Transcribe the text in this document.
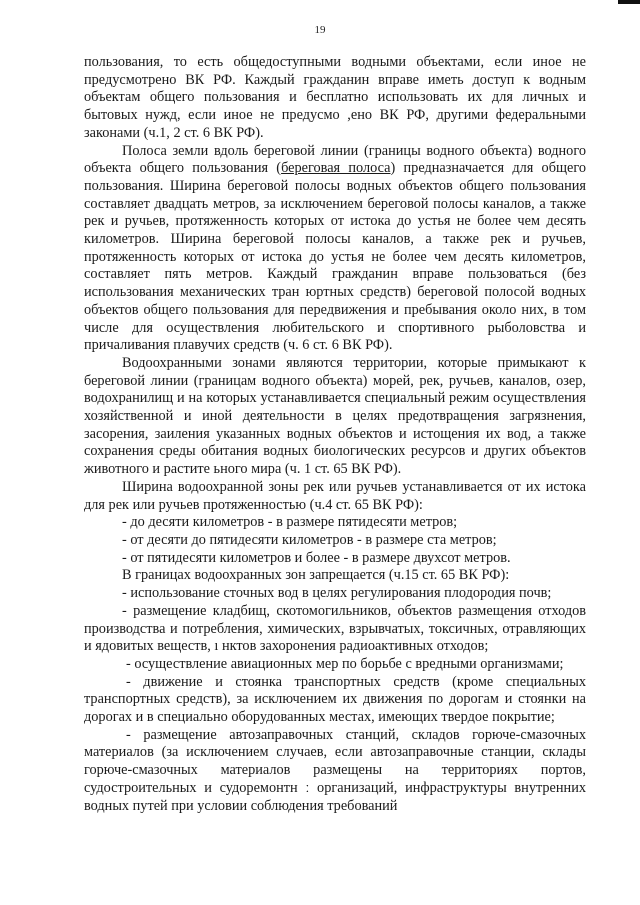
19

пользования, то есть общедоступными водными объектами, если иное не предусмотрено ВК РФ. Каждый гражданин вправе иметь доступ к водным объектам общего пользования и бесплатно использовать их для личных и бытовых нужд, если иное не предусмо ,ено ВК РФ, другими федеральными законами (ч.1, 2 ст. 6 ВК РФ).

Полоса земли вдоль береговой линии (границы водного объекта) водного объекта общего пользования (береговая полоса) предназначается для общего пользования. Ширина береговой полосы водных объектов общего пользования составляет двадцать метров, за исключением береговой полосы каналов, а также рек и ручьев, протяженность которых от истока до устья не более чем десять километров. Ширина береговой полосы каналов, а также рек и ручьев, протяженность которых от истока до устья не более чем десять километров, составляет пять метров. Каждый гражданин вправе пользоваться (без использования механических тран юртных средств) береговой полосой водных объектов общего пользования для передвижения и пребывания около них, в том числе для осуществления любительского и спортивного рыболовства и причаливания плавучих средств (ч. 6 ст. 6 ВК РФ).

Водоохранными зонами являются территории, которые примыкают к береговой линии (границам водного объекта) морей, рек, ручьев, каналов, озер, водохранилищ и на которых устанавливается специальный режим осуществления хозяйственной и иной деятельности в целях предотвращения загрязнения, засорения, заиления указанных водных объектов и истощения их вод, а также сохранения среды обитания водных биологических ресурсов и других объектов животного и растите ьного мира (ч. 1 ст. 65 ВК РФ).

Ширина водоохранной зоны рек или ручьев устанавливается от их истока для рек или ручьев протяженностью (ч.4 ст. 65 ВК РФ):

- до десяти километров - в размере пятидесяти метров;

- от десяти до пятидесяти километров - в размере ста метров;

- от пятидесяти километров и более - в размере двухсот метров.

В границах водоохранных зон запрещается (ч.15 ст. 65 ВК РФ):

- использование сточных вод в целях регулирования плодородия почв;

- размещение кладбищ, скотомогильников, объектов размещения отходов производства и потребления, химических, взрывчатых, токсичных, отравляющих и ядовитых веществ, ı нктов захоронения радиоактивных отходов;

- осуществление авиационных мер по борьбе с вредными организмами;

- движение и стоянка транспортных средств (кроме специальных транспортных средств), за исключением их движения по дорогам и стоянки на дорогах и в специально оборудованных местах, имеющих твердое покрытие;

- размещение автозаправочных станций, складов горюче-смазочных материалов (за исключением случаев, если автозаправочные станции, склады горюче-смазочных материалов размещены на территориях портов, судостроительных и судоремонтн ː организаций, инфраструктуры внутренних водных путей при условии соблюдения требований
